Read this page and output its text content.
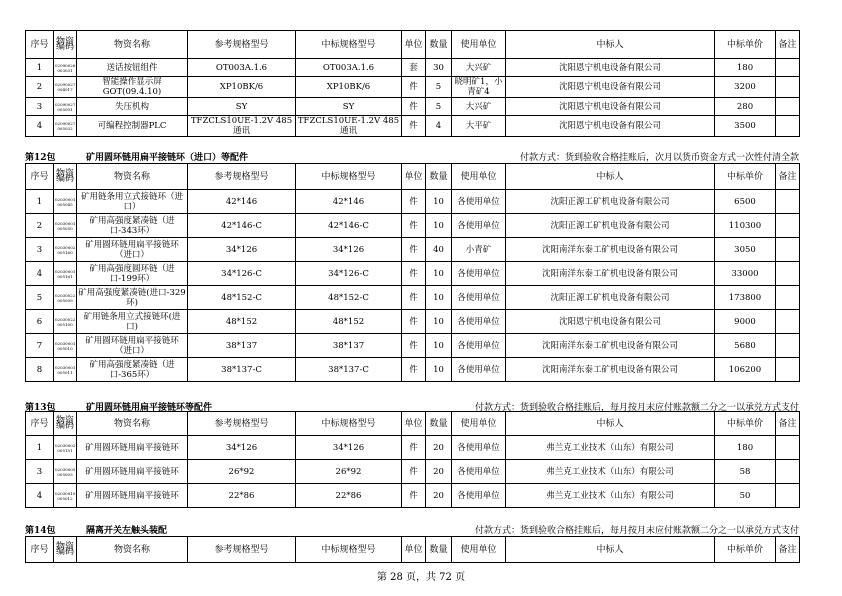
序号	物资编码	物资名称	参考规格型号	中标规格型号	单位	数量	使用单位	中标人	中标单价	备注
1	02090026 003031	送话按钮组件	OT003A.1.6	OT003A.1.6	套	30	大兴矿	沈阳恩宁机电设备有限公司	180	
2	02090027 004017	智能操作显示屏GOT(09.4.10)	XP10BK/6	XP10BK/6	件	5	晓明矿1，小青矿4	沈阳恩宁机电设备有限公司	3200	
3	02090027 005001	失压机构	SY	SY	件	5	大兴矿	沈阳恩宁机电设备有限公司	280	
4	02090027 005032	可编程控制器PLC	TFZCLS10UE-1.2V 485通讯	TFZCLS10UE-1.2V 485通讯	件	4	大平矿	沈阳恩宁机电设备有限公司	3500	
第12包	矿用圆环链用扁平接链环（进口）等配件	付款方式：货到验收合格挂账后，次月以货币资金方式一次性付清全款
序号	物资编码	物资名称	参考规格型号	中标规格型号	单位	数量	使用单位	中标人	中标单价	备注
1	02030001 005045	矿用链条用立式接链环（进口）	42*146	42*146	件	10	各使用单位	沈阳正源工矿机电设备有限公司	6500	
2	02030001 005050	矿用高强度紧凑链（进口-343环）	42*146-C	42*146-C	件	10	各使用单位	沈阳正源工矿机电设备有限公司	110300	
3	02030002 005160	矿用圆环链用扁平接链环（进口）	34*126	34*126	件	40	小青矿	沈阳南洋东泰工矿机电设备有限公司	3050	
4	02030001 005161	矿用高强度圆环链（进口-199环）	34*126-C	34*126-C	件	10	各使用单位	沈阳南洋东泰工矿机电设备有限公司	33000	
5	02030022 005099	矿用高强度紧凑链(进口-329环)	48*152-C	48*152-C	件	10	各使用单位	沈阳正源工矿机电设备有限公司	173800	
6	02030022 005100	矿用链条用立式接链环(进口)	48*152	48*152	件	10	各使用单位	沈阳恩宁机电设备有限公司	9000	
7	02030001 005010	矿用圆环链用扁平接链环（进口）	38*137	38*137	件	10	各使用单位	沈阳南洋东泰工矿机电设备有限公司	5680	
8	02030001 005011	矿用高强度紧凑链（进口-365环）	38*137-C	38*137-C	件	10	各使用单位	沈阳南洋东泰工矿机电设备有限公司	106200	
第13包	矿用圆环链用扁平接链环等配件	付款方式：货到验收合格挂账后，每月按月末应付账款额二分之一以承兑方式支付
序号	物资编码	物资名称	参考规格型号	中标规格型号	单位	数量	使用单位	中标人	中标单价	备注
1	02030002 005151	矿用圆环链用扁平接链环	34*126	34*126	件	20	各使用单位	弗兰克工业技术（山东）有限公司	180	
3	02030005 005003	矿用圆环链用扁平接链环	26*92	26*92	件	20	各使用单位	弗兰克工业技术（山东）有限公司	58	
4	02030010 005012	矿用圆环链用扁平接链环	22*86	22*86	件	20	各使用单位	弗兰克工业技术（山东）有限公司	50	
第14包	隔离开关左触头装配	付款方式：货到验收合格挂账后，每月按月末应付账款额二分之一以承兑方式支付
序号	物资编码	物资名称	参考规格型号	中标规格型号	单位	数量	使用单位	中标人	中标单价	备注
第 28 页，共 72 页
